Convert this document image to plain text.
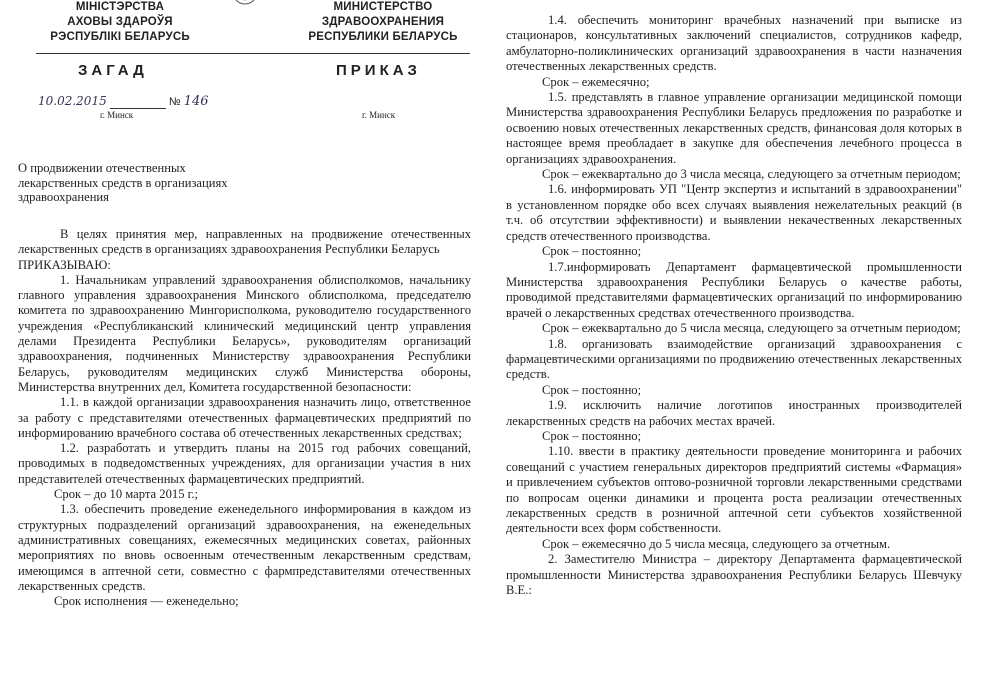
МІНІСТЭРСТВА
АХОВЫ ЗДАРОЎЯ
РЭСПУБЛІКІ БЕЛАРУСЬ
МИНИСТЕРСТВО
ЗДРАВООХРАНЕНИЯ
РЕСПУБЛИКИ БЕЛАРУСЬ
ЗАГАД	ПРИКАЗ
10.02.2015	№ 146
г. Минск	г. Минск
О продвижении отечественных
лекарственных средств в организациях
здравоохранения

В целях принятия мер, направленных на продвижение отечественных лекарственных средств в организациях здравоохранения Республики Беларусь

ПРИКАЗЫВАЮ:

1. Начальникам управлений здравоохранения облисполкомов, начальнику главного управления здравоохранения Минского облисполкома, председателю комитета по здравоохранению Мингорисполкома, руководителю государственного учреждения «Республиканский клинический медицинский центр управления делами Президента Республики Беларусь», руководителям организаций здравоохранения, подчиненных Министерству здравоохранения Республики Беларусь, руководителям медицинских служб Министерства обороны, Министерства внутренних дел, Комитета государственной безопасности:

1.1. в каждой организации здравоохранения назначить лицо, ответственное за работу с представителями отечественных фармацевтических предприятий по информированию врачебного состава об отечественных лекарственных средствах;

1.2. разработать и утвердить планы на 2015 год рабочих совещаний, проводимых в подведомственных учреждениях, для организации участия в них представителей отечественных фармацевтических предприятий.

Срок – до 10 марта 2015 г.;

1.3. обеспечить проведение еженедельного информирования в каждом из структурных подразделений организаций здравоохранения, на еженедельных административных совещаниях, ежемесячных медицинских советах, районных мероприятиях по вновь освоенным отечественным лекарственным средствам, имеющимся в аптечной сети, совместно с фармпредставителями отечественных лекарственных средств.

Срок исполнения — еженедельно;

1.4. обеспечить мониторинг врачебных назначений при выписке из стационаров, консультативных заключений специалистов, сотрудников кафедр, амбулаторно-поликлинических организаций здравоохранения в части назначения отечественных лекарственных средств.

Срок – ежемесячно;

1.5. представлять в главное управление организации медицинской помощи Министерства здравоохранения Республики Беларусь предложения по разработке и освоению новых отечественных лекарственных средств, финансовая доля которых в настоящее время преобладает в закупке для обеспечения лечебного процесса в организациях здравоохранения.

Срок – ежеквартально до 3 числа месяца, следующего за отчетным периодом;

1.6. информировать УП "Центр экспертиз и испытаний в здравоохранении" в установленном порядке обо всех случаях выявления нежелательных реакций (в т.ч. об отсутствии эффективности) и выявлении некачественных лекарственных средств отечественного производства.

Срок – постоянно;

1.7.информировать Департамент фармацевтической промышленности Министерства здравоохранения Республики Беларусь о качестве работы, проводимой представителями фармацевтических организаций по информированию врачей о лекарственных средствах отечественного производства.

Срок – ежеквартально до 5 числа месяца, следующего за отчетным периодом;

1.8. организовать взаимодействие организаций здравоохранения с фармацевтическими организациями по продвижению отечественных лекарственных средств.

Срок – постоянно;

1.9. исключить наличие логотипов иностранных производителей лекарственных средств на рабочих местах врачей.

Срок – постоянно;

1.10. ввести в практику деятельности проведение мониторинга и рабочих совещаний с участием генеральных директоров предприятий системы «Фармация» и привлечением субъектов оптово-розничной торговли лекарственными средствами по вопросам оценки динамики и процента роста реализации отечественных лекарственных средств в розничной аптечной сети субъектов хозяйственной деятельности всех форм собственности.

Срок – ежемесячно до 5 числа месяца, следующего за отчетным.

2. Заместителю Министра – директору Департамента фармацевтической промышленности Министерства здравоохранения Республики Беларусь Шевчуку В.Е.:
